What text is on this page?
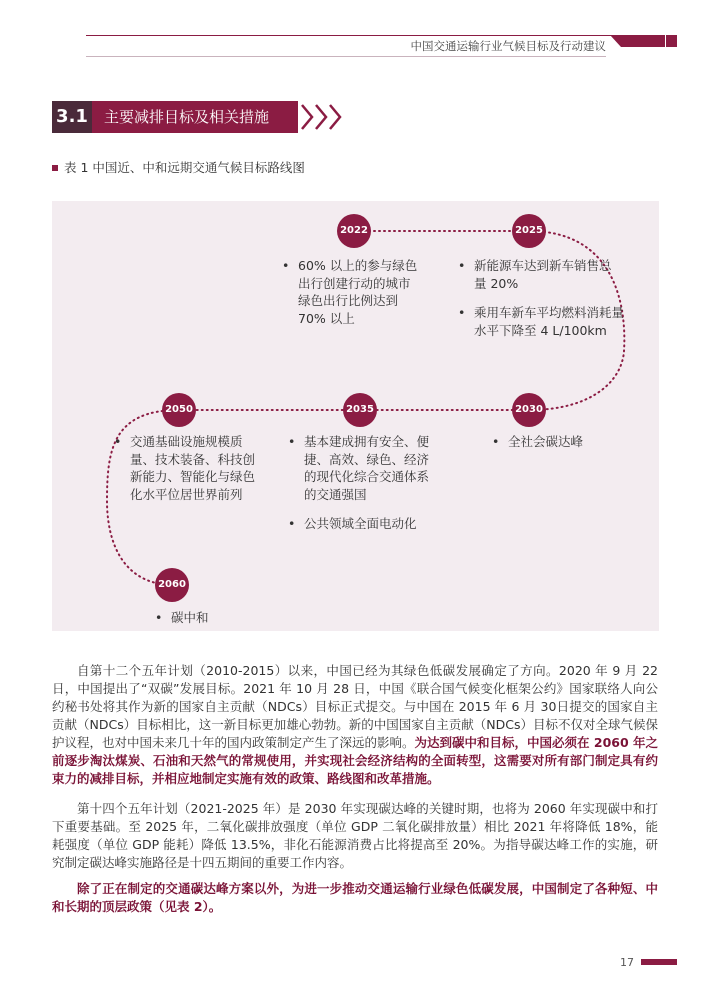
中国交通运输行业气候目标及行动建议
3.1	主要减排目标及相关措施
表 1 中国近、中和远期交通气候目标路线图
2022	2025
2030
2035
2050
2060
• 60% 以上的参与绿色出行创建行动的城市绿色出行比例达到 70% 以上
• 新能源车达到新车销售总量 20%
• 乘用车新车平均燃料消耗量水平下降至 4 L/100km
• 全社会碳达峰
• 基本建成拥有安全、便捷、高效、绿色、经济的现代化综合交通体系的交通强国
• 公共领域全面电动化
• 交通基础设施规模质量、技术装备、科技创新能力、智能化与绿色化水平位居世界前列
• 碳中和
自第十二个五年计划（2010-2015）以来，中国已经为其绿色低碳发展确定了方向。2020 年 9 月 22 日，中国提出了“双碳”发展目标。2021 年 10 月 28 日，中国《联合国气候变化框架公约》国家联络人向公约秘书处将其作为新的国家自主贡献（NDCs）目标正式提交。与中国在 2015 年 6 月 30日提交的国家自主贡献（NDCs）目标相比，这一新目标更加雄心勃勃。新的中国国家自主贡献（NDCs）目标不仅对全球气候保护议程，也对中国未来几十年的国内政策制定产生了深远的影响。为达到碳中和目标，中国必须在 2060 年之前逐步淘汰煤炭、石油和天然气的常规使用，并实现社会经济结构的全面转型，这需要对所有部门制定具有约束力的减排目标，并相应地制定实施有效的政策、路线图和改革措施。
第十四个五年计划（2021-2025 年）是 2030 年实现碳达峰的关键时期，也将为 2060 年实现碳中和打下重要基础。至 2025 年，二氧化碳排放强度（单位 GDP 二氧化碳排放量）相比 2021 年将降低 18%，能耗强度（单位 GDP 能耗）降低 13.5%，非化石能源消费占比将提高至 20%。为指导碳达峰工作的实施，研究制定碳达峰实施路径是十四五期间的重要工作内容。
除了正在制定的交通碳达峰方案以外，为进一步推动交通运输行业绿色低碳发展，中国制定了各种短、中和长期的顶层政策（见表 2）。
17
